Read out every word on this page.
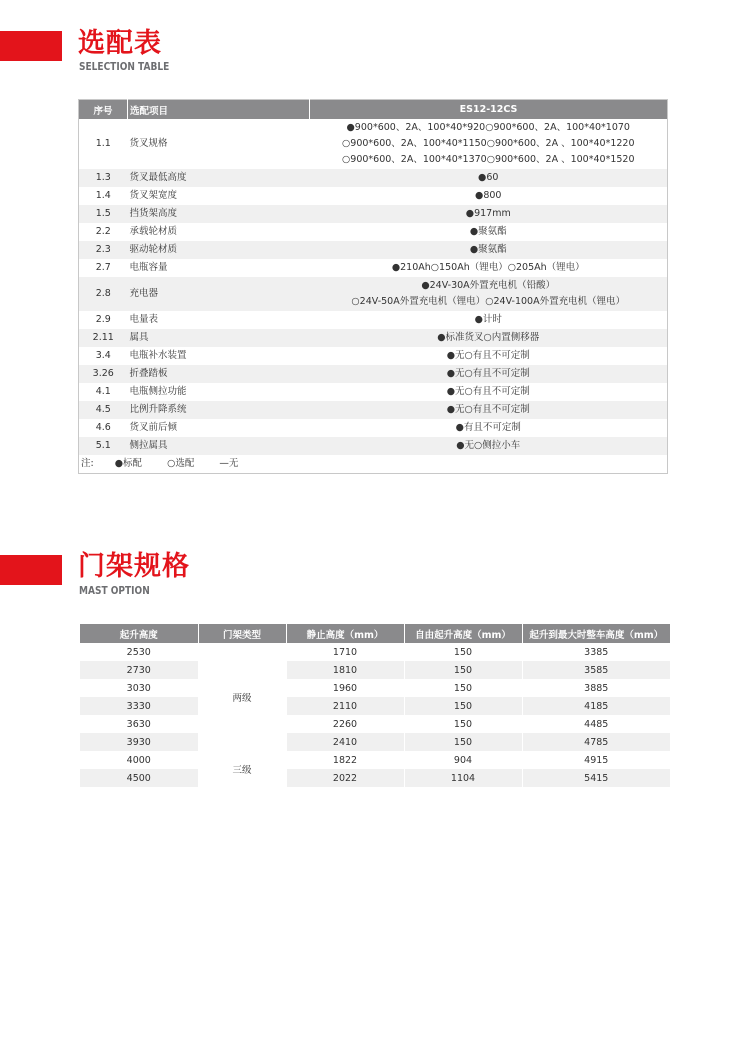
选配表
SELECTION TABLE
序号	选配项目	ES12-12CS
1.1	货叉规格	●900*600、2A、100*40*920○900*600、2A、100*40*1070
○900*600、2A、100*40*1150○900*600、2A 、100*40*1220
○900*600、2A、100*40*1370○900*600、2A 、100*40*1520

1.3	货叉最低高度	●60
1.4	货叉架宽度	●800
1.5	挡货架高度	●917mm
2.2	承载轮材质	●聚氨酯
2.3	驱动轮材质	●聚氨酯
2.7	电瓶容量	●210Ah○150Ah（锂电）○205Ah（锂电）
2.8	充电器	●24V-30A外置充电机（铅酸）
○24V-50A外置充电机（锂电）○24V-100A外置充电机（锂电）

2.9	电量表	●计时
2.11	属具	●标准货叉○内置侧移器
3.4	电瓶补水装置	●无○有且不可定制
3.26	折叠踏板	●无○有且不可定制
4.1	电瓶侧拉功能	●无○有且不可定制
4.5	比例升降系统	●无○有且不可定制
4.6	货叉前后倾	●有且不可定制
5.1	侧拉属具	●无○侧拉小车
注: ●标配 ○选配 —无		
门架规格
MAST OPTION
起升高度	门架类型	静止高度（mm）	自由起升高度（mm）	起升到最大时整车高度（mm）
2530	两级	1710	150	3385
2730		1810	150	3585
3030		1960	150	3885
3330		2110	150	4185
3630		2260	150	4485
3930		2410	150	4785
4000	三级	1822	904	4915
4500		2022	1104	5415
